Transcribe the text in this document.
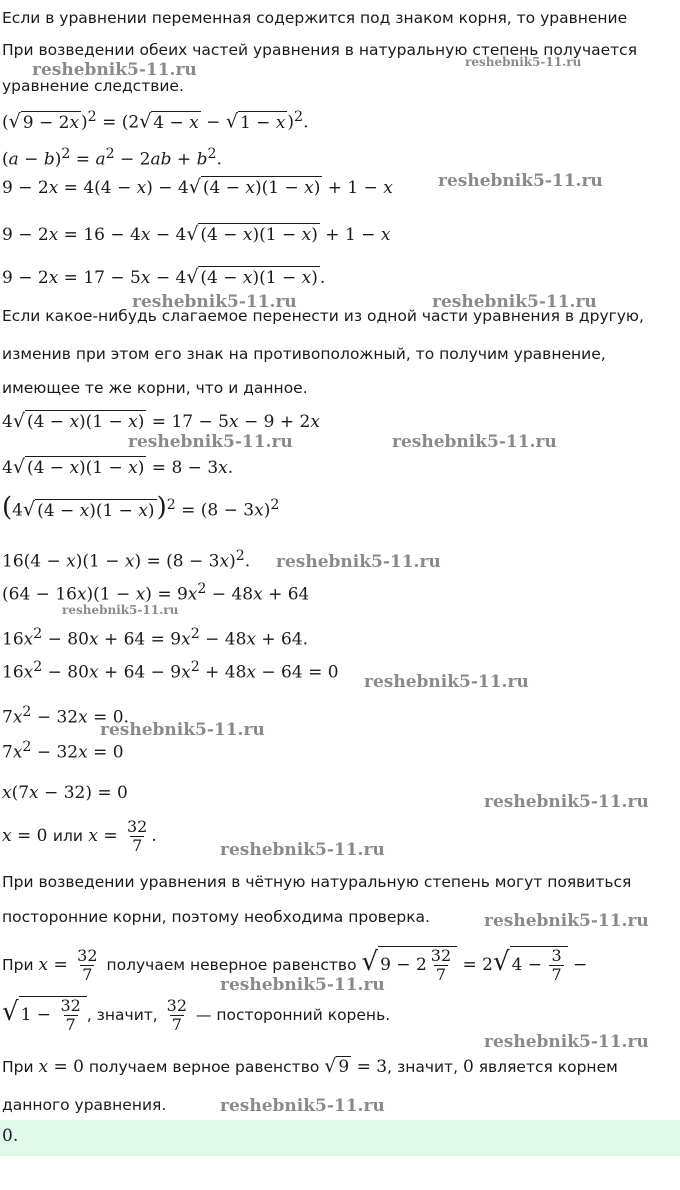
Если в уравнении переменная содержится под знаком корня, то уравнение
При возведении обеих частей уравнения в натуральную степень получается
уравнение следствие.
(√ 9 − 2x )$^2$ = (2√ 4 − x − √ 1 − x )$^2$.
$(a - b)^2 = a^2 - 2ab + b^2$.
9 − 2x = 4(4 − x) − 4√ (4 − x)(1 − x) + 1 − x
9 − 2x = 16 − 4x − 4√ (4 − x)(1 − x) + 1 − x
9 − 2x = 17 − 5x − 4√ (4 − x)(1 − x) .
Если какое-нибудь слагаемое перенести из одной части уравнения в другую,
изменив при этом его знак на противоположный, то получим уравнение,
имеющее те же корни, что и данное.
4√ (4 − x)(1 − x) = 17 − 5x − 9 + 2x
4√ (4 − x)(1 − x) = 8 − 3x.
(4√ $(4 - x)(1 - x))^2 = (8 - 3x)^2$
$16(4 - x)(1 - x) = (8 - 3x)^2$.
$(64 - 16x)(1 - x) = 9x^2 - 48x + 64$
$16x^2 - 80x + 64 = 9x^2 - 48x + 64$.
$16x^2 - 80x + 64 - 9x^2 + 48x - 64 = 0$
$7x^2 - 32x = 0$.
$7x^2 - 32x = 0$
x(7x − 32) = 0
x = 0 или $x = \frac{32}{7}$ .
При возведении уравнения в чётную натуральную степень могут появиться
посторонние корни, поэтому необходима проверка.
При $x = \frac{32}{7}$ получаем неверное равенство √ $9 - 2 \frac{32}{7} = 2√$ $4 - \frac{3}{7}$ −
√ $1 - \frac{32}{7}$ , значит, $\frac{32}{7}$ — посторонний корень.
При x = 0 получаем верное равенство √ 9 = 3, значит, 0 является корнем
0.
reshebnik5-11.ru	reshebnik5-11.ru
reshebnik5-11.ru
reshebnik5-11.ru	reshebnik5-11.ru
reshebnik5-11.ru	reshebnik5-11.ru
reshebnik5-11.ru
reshebnik5-11.ru
reshebnik5-11.ru
reshebnik5-11.ru
reshebnik5-11.ru
reshebnik5-11.ru
reshebnik5-11.ru
reshebnik5-11.ru
reshebnik5-11.ru
reshebnik5-11.ru
данного уравнения.
